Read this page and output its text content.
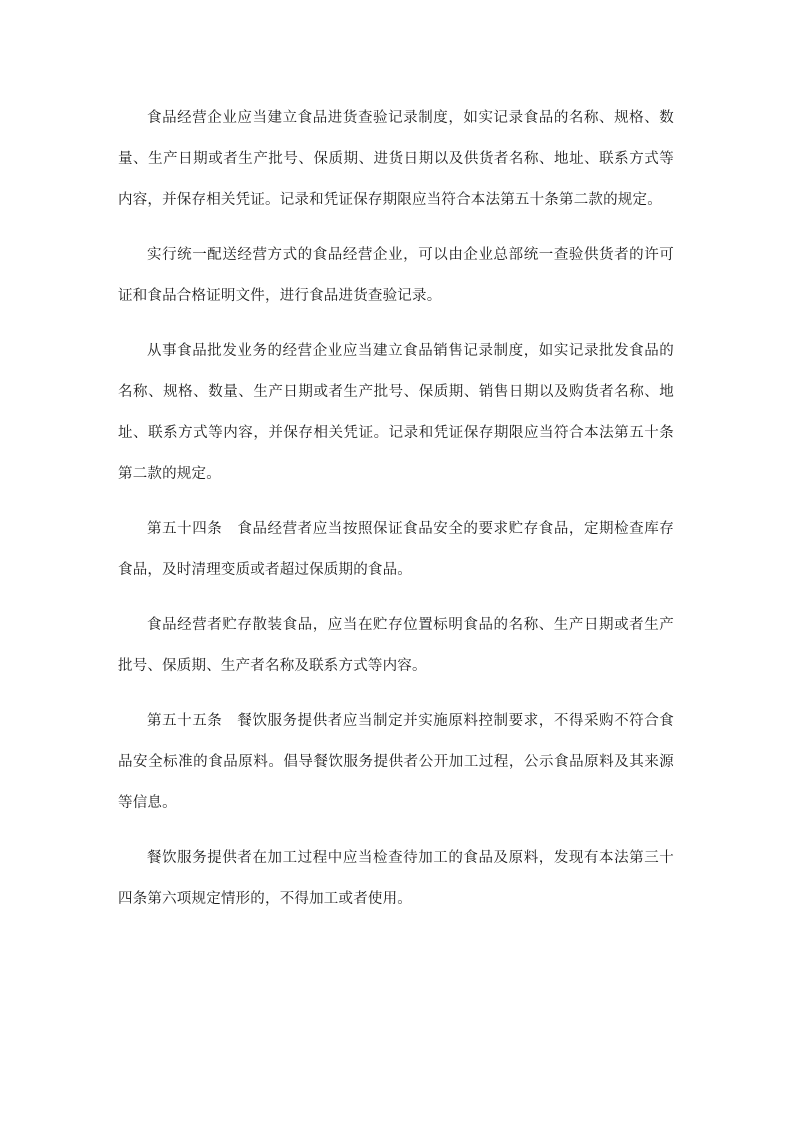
食品经营企业应当建立食品进货查验记录制度，如实记录食品的名称、规格、数量、生产日期或者生产批号、保质期、进货日期以及供货者名称、地址、联系方式等内容，并保存相关凭证。记录和凭证保存期限应当符合本法第五十条第二款的规定。

实行统一配送经营方式的食品经营企业，可以由企业总部统一查验供货者的许可证和食品合格证明文件，进行食品进货查验记录。

从事食品批发业务的经营企业应当建立食品销售记录制度，如实记录批发食品的名称、规格、数量、生产日期或者生产批号、保质期、销售日期以及购货者名称、地址、联系方式等内容，并保存相关凭证。记录和凭证保存期限应当符合本法第五十条第二款的规定。

第五十四条　食品经营者应当按照保证食品安全的要求贮存食品，定期检查库存食品，及时清理变质或者超过保质期的食品。

食品经营者贮存散装食品，应当在贮存位置标明食品的名称、生产日期或者生产批号、保质期、生产者名称及联系方式等内容。

第五十五条　餐饮服务提供者应当制定并实施原料控制要求，不得采购不符合食品安全标准的食品原料。倡导餐饮服务提供者公开加工过程，公示食品原料及其来源等信息。

餐饮服务提供者在加工过程中应当检查待加工的食品及原料，发现有本法第三十四条第六项规定情形的，不得加工或者使用。
